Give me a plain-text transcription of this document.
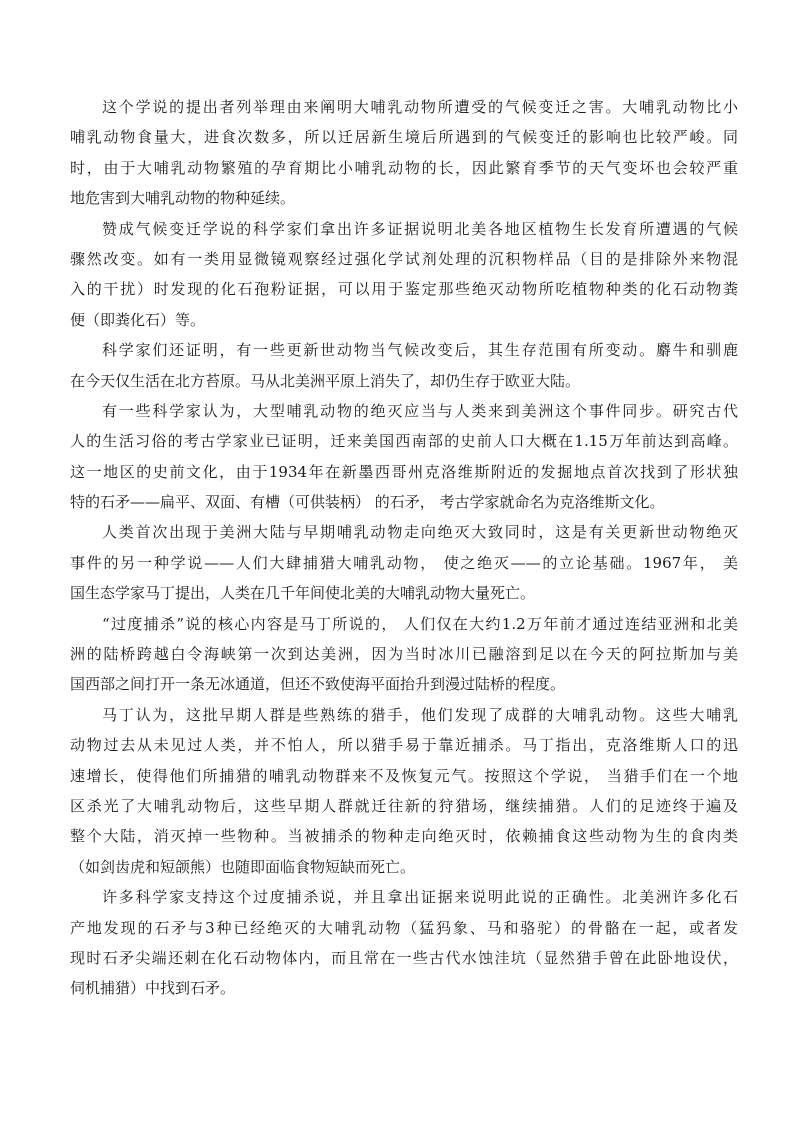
这个学说的提出者列举理由来阐明大哺乳动物所遭受的气候变迁之害。大哺乳动物比小
哺乳动物食量大，进食次数多，所以迁居新生境后所遇到的气候变迁的影响也比较严峻。同
时，由于大哺乳动物繁殖的孕育期比小哺乳动物的长，因此繁育季节的天气变坏也会较严重
地危害到大哺乳动物的物种延续。
赞成气候变迁学说的科学家们拿出许多证据说明北美各地区植物生长发育所遭遇的气候
骤然改变。如有一类用显微镜观察经过强化学试剂处理的沉积物样品（目的是排除外来物混
入的干扰）时发现的化石孢粉证据，可以用于鉴定那些绝灭动物所吃植物种类的化石动物粪
便（即粪化石）等。
科学家们还证明，有一些更新世动物当气候改变后，其生存范围有所变动。麝牛和驯鹿
在今天仅生活在北方苔原。马从北美洲平原上消失了，却仍生存于欧亚大陆。
有一些科学家认为，大型哺乳动物的绝灭应当与人类来到美洲这个事件同步。研究古代
人的生活习俗的考古学家业已证明，迁来美国西南部的史前人口大概在1.15万年前达到高峰。
这一地区的史前文化，由于1934年在新墨西哥州克洛维斯附近的发掘地点首次找到了形状独
特的石矛——扁平、双面、有槽（可供装柄） 的石矛， 考古学家就命名为克洛维斯文化。
人类首次出现于美洲大陆与早期哺乳动物走向绝灭大致同时，这是有关更新世动物绝灭
事件的另一种学说——人们大肆捕猎大哺乳动物， 使之绝灭——的立论基础。1967年， 美
国生态学家马丁提出，人类在几千年间使北美的大哺乳动物大量死亡。
“过度捕杀”说的核心内容是马丁所说的， 人们仅在大约1.2万年前才通过连结亚洲和北美
洲的陆桥跨越白令海峡第一次到达美洲，因为当时冰川已融溶到足以在今天的阿拉斯加与美
国西部之间打开一条无冰通道，但还不致使海平面抬升到漫过陆桥的程度。
马丁认为，这批早期人群是些熟练的猎手，他们发现了成群的大哺乳动物。这些大哺乳
动物过去从未见过人类，并不怕人，所以猎手易于靠近捕杀。马丁指出，克洛维斯人口的迅
速增长，使得他们所捕猎的哺乳动物群来不及恢复元气。按照这个学说， 当猎手们在一个地
区杀光了大哺乳动物后，这些早期人群就迁往新的狩猎场，继续捕猎。人们的足迹终于遍及
整个大陆，消灭掉一些物种。当被捕杀的物种走向绝灭时，依赖捕食这些动物为生的食肉类
（如剑齿虎和短颌熊）也随即面临食物短缺而死亡。
许多科学家支持这个过度捕杀说，并且拿出证据来说明此说的正确性。北美洲许多化石
产地发现的石矛与3种已经绝灭的大哺乳动物（猛犸象、马和骆驼）的骨骼在一起，或者发
现时石矛尖端还刺在化石动物体内，而且常在一些古代水蚀洼坑（显然猎手曾在此卧地设伏，
伺机捕猎）中找到石矛。
